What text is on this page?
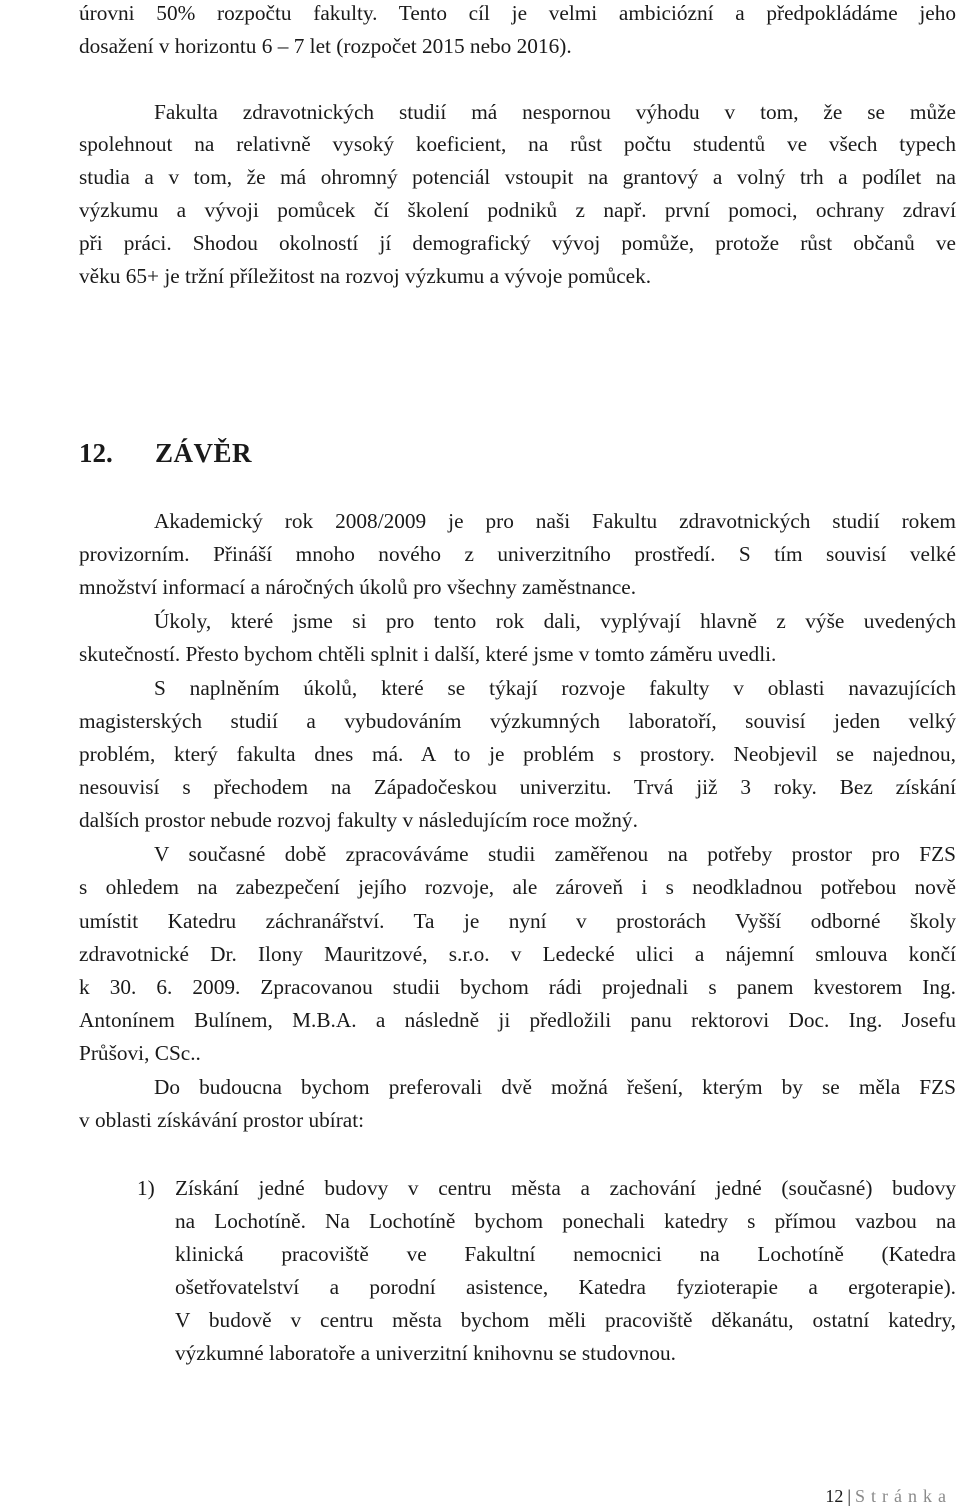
úrovni 50% rozpočtu fakulty. Tento cíl je velmi ambiciózní a předpokládáme jeho
dosažení v horizontu 6 – 7 let (rozpočet 2015 nebo 2016).
Fakulta zdravotnických studií má nespornou výhodu v tom, že se může
spolehnout na relativně vysoký koeficient, na růst počtu studentů ve všech typech
studia a v tom, že má ohromný potenciál vstoupit na grantový a volný trh a podílet na
výzkumu a vývoji pomůcek čí školení podniků z např. první pomoci, ochrany zdraví
při práci. Shodou okolností jí demografický vývoj pomůže, protože růst občanů ve
věku 65+ je tržní příležitost na rozvoj výzkumu a vývoje pomůcek.
12. ZÁVĚR
Akademický rok 2008/2009 je pro naši Fakultu zdravotnických studií rokem
provizorním. Přináší mnoho nového z univerzitního prostředí. S tím souvisí velké
množství informací a náročných úkolů pro všechny zaměstnance.
Úkoly, které jsme si pro tento rok dali, vyplývají hlavně z výše uvedených
skutečností. Přesto bychom chtěli splnit i další, které jsme v tomto záměru uvedli.
S naplněním úkolů, které se týkají rozvoje fakulty v oblasti navazujících
magisterských studií a vybudováním výzkumných laboratoří, souvisí jeden velký
problém, který fakulta dnes má. A to je problém s prostory. Neobjevil se najednou,
nesouvisí s přechodem na Západočeskou univerzitu. Trvá již 3 roky. Bez získání
dalších prostor nebude rozvoj fakulty v následujícím roce možný.
V současné době zpracováváme studii zaměřenou na potřeby prostor pro FZS
s ohledem na zabezpečení jejího rozvoje, ale zároveň i s neodkladnou potřebou nově
umístit Katedru záchranářství. Ta je nyní v prostorách Vyšší odborné školy
zdravotnické Dr. Ilony Mauritzové, s.r.o. v Ledecké ulici a nájemní smlouva končí
k 30. 6. 2009. Zpracovanou studii bychom rádi projednali s panem kvestorem Ing.
Antonínem Bulínem, M.B.A. a následně ji předložili panu rektorovi Doc. Ing. Josefu
Průšovi, CSc..
Do budoucna bychom preferovali dvě možná řešení, kterým by se měla FZS
v oblasti získávání prostor ubírat:
1) Získání jedné budovy v centru města a zachování jedné (současné) budovy
na Lochotíně. Na Lochotíně bychom ponechali katedry s přímou vazbou na
klinická pracoviště ve Fakultní nemocnici na Lochotíně (Katedra
ošetřovatelství a porodní asistence, Katedra fyzioterapie a ergoterapie).
V budově v centru města bychom měli pracoviště děkanátu, ostatní katedry,
výzkumné laboratoře a univerzitní knihovnu se studovnou.
12 | Stránka
